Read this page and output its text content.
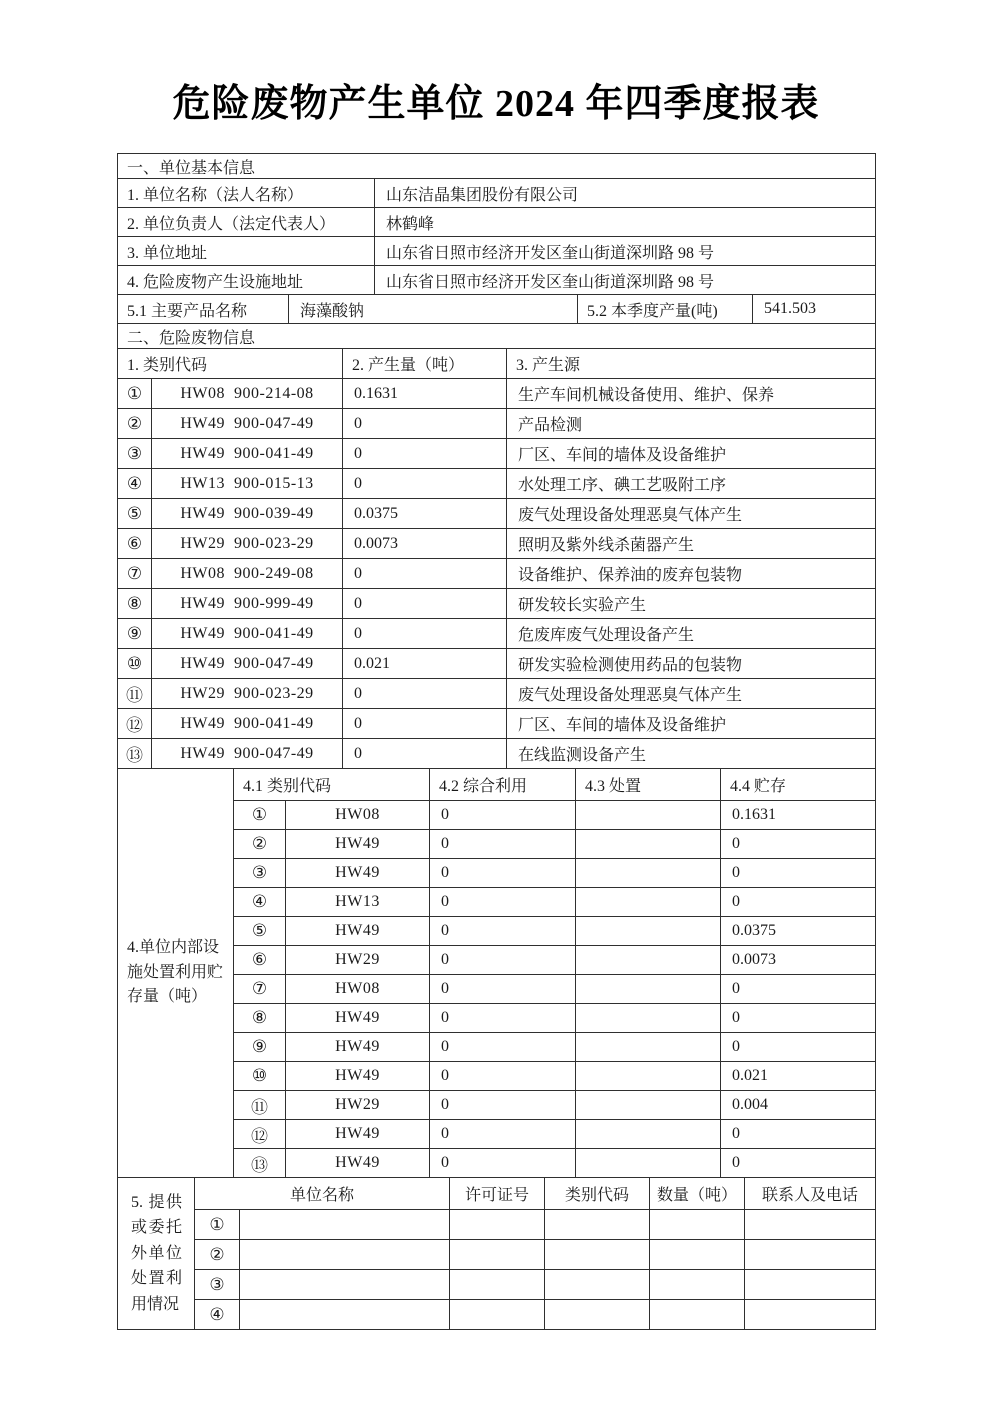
危险废物产生单位 2024 年四季度报表
一、单位基本信息				
1. 单位名称（法人名称）		山东洁晶集团股份有限公司		
2. 单位负责人（法定代表人）		林鹤峰		
3. 单位地址		山东省日照市经济开发区奎山街道深圳路 98 号		
4. 危险废物产生设施地址		山东省日照市经济开发区奎山街道深圳路 98 号		
5.1 主要产品名称	海藻酸钠		5.2 本季度产量(吨)	541.503
二、危险废物信息			
1. 类别代码		2. 产生量（吨）	3. 产生源
①	HW08  900-214-08	0.1631	生产车间机械设备使用、维护、保养
②	HW49  900-047-49	0	产品检测
③	HW49  900-041-49	0	厂区、车间的墙体及设备维护
④	HW13  900-015-13	0	水处理工序、碘工艺吸附工序
⑤	HW49  900-039-49	0.0375	废气处理设备处理恶臭气体产生
⑥	HW29  900-023-29	0.0073	照明及紫外线杀菌器产生
⑦	HW08  900-249-08	0	设备维护、保养油的废弃包装物
⑧	HW49  900-999-49	0	研发较长实验产生
⑨	HW49  900-041-49	0	危废库废气处理设备产生
⑩	HW49  900-047-49	0.021	研发实验检测使用药品的包装物
⑪	HW29  900-023-29	0	废气处理设备处理恶臭气体产生
⑫	HW49  900-041-49	0	厂区、车间的墙体及设备维护
⑬	HW49  900-047-49	0	在线监测设备产生
4.单位内部设施处置利用贮存量（吨）	4.1 类别代码		4.2 综合利用	4.3 处置	4.4 贮存
	①	HW08	0		0.1631
	②	HW49	0		0
	③	HW49	0		0
	④	HW13	0		0
	⑤	HW49	0		0.0375
	⑥	HW29	0		0.0073
	⑦	HW08	0		0
	⑧	HW49	0		0
	⑨	HW49	0		0
	⑩	HW49	0		0.021
	⑪	HW29	0		0.004
	⑫	HW49	0		0
	⑬	HW49	0		0
5. 提供或委托外单位处置利用情况	单位名称		许可证号	类别代码	数量（吨）	联系人及电话
	①					
	②					
	③					
	④					
